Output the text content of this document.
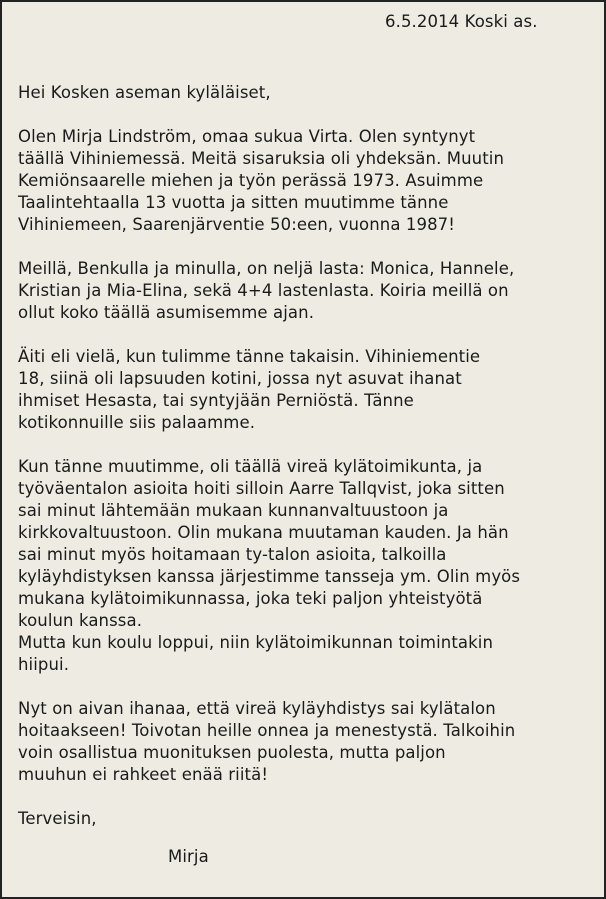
6.5.2014 Koski as.
Hei Kosken aseman kyläläiset,
Olen Mirja Lindström, omaa sukua Virta. Olen syntynyt
täällä Vihiniemessä. Meitä sisaruksia oli yhdeksän. Muutin
Kemiönsaarelle miehen ja työn perässä 1973. Asuimme
Taalintehtaalla 13 vuotta ja sitten muutimme tänne
Vihiniemeen, Saarenjärventie 50:een, vuonna 1987!
Meillä, Benkulla ja minulla, on neljä lasta: Monica, Hannele,
Kristian ja Mia-Elina, sekä 4+4 lastenlasta. Koiria meillä on
ollut koko täällä asumisemme ajan.
Äiti eli vielä, kun tulimme tänne takaisin. Vihiniementie
18, siinä oli lapsuuden kotini, jossa nyt asuvat ihanat
ihmiset Hesasta, tai syntyjään Perniöstä. Tänne
kotikonnuille siis palaamme.
Kun tänne muutimme, oli täällä vireä kylätoimikunta, ja
työväentalon asioita hoiti silloin Aarre Tallqvist, joka sitten
sai minut lähtemään mukaan kunnanvaltuustoon ja
kirkkovaltuustoon. Olin mukana muutaman kauden. Ja hän
sai minut myös hoitamaan ty-talon asioita, talkoilla
kyläyhdistyksen kanssa järjestimme tansseja ym. Olin myös
mukana kylätoimikunnassa, joka teki paljon yhteistyötä
koulun kanssa.
Mutta kun koulu loppui, niin kylätoimikunnan toimintakin
hiipui.
Nyt on aivan ihanaa, että vireä kyläyhdistys sai kylätalon
hoitaakseen! Toivotan heille onnea ja menestystä. Talkoihin
voin osallistua muonituksen puolesta, mutta paljon
muuhun ei rahkeet enää riitä!
Terveisin,
Mirja
